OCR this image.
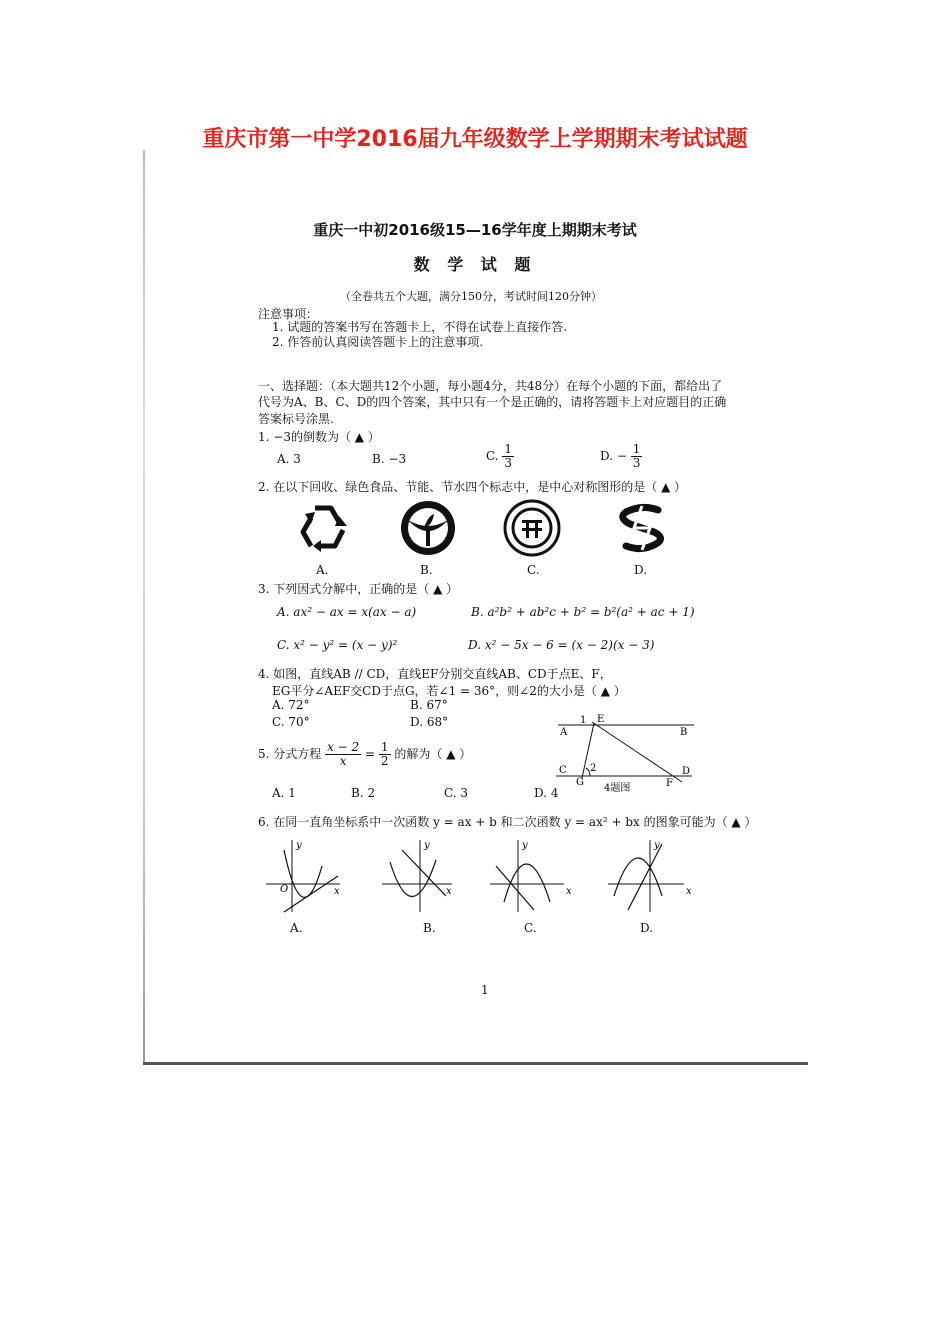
重庆市第一中学2016届九年级数学上学期期末考试试题
重庆一中初2016级15—16学年度上期期末考试
数 学 试 题
（全卷共五个大题，满分150分，考试时间120分钟）
注意事项：
1. 试题的答案书写在答题卡上，不得在试卷上直接作答.
2. 作答前认真阅读答题卡上的注意事项.
一、选择题：（本大题共12个小题，每小题4分，共48分）在每个小题的下面，都给出了
代号为A、B、C、D的四个答案，其中只有一个是正确的，请将答题卡上对应题目的正确
答案标号涂黑.
1. −3的倒数为（ ▲ ）
A. 3	B. −3	C. $\frac{1}{3}$	D. − $\frac{1}{3}$
2. 在以下回收、绿色食品、节能、节水四个标志中，是中心对称图形的是（ ▲ ）
A.	B.	C.	D.
3. 下列因式分解中，正确的是（ ▲ ）
A. ax² − ax = x(ax − a)	B. a²b² + ab²c + b² = b²(a² + ac + 1)
C. x² − y² = (x − y)²	D. x² − 5x − 6 = (x − 2)(x − 3)
4. 如图，直线AB // CD，直线EF分别交直线AB、CD于点E、F，
EG平分∠AEF交CD于点G，若∠1 = 36°，则∠2的大小是（ ▲ ）
A. 72°	B. 67°
C. 70°	D. 68°	1 E
A	B
C 2	D
G	F
4题图
5. 分式方程 $\frac{x - 2}{x} = \frac{1}{2}$ 的解为（ ▲ ）
A. 1	B. 2	C. 3	D. 4
6. 在同一直角坐标系中一次函数 y = ax + b 和二次函数 y = ax² + bx 的图象可能为（ ▲ ）
y
x
O
y
x
y
x
y
x
A.	B.	C.	D.
1
